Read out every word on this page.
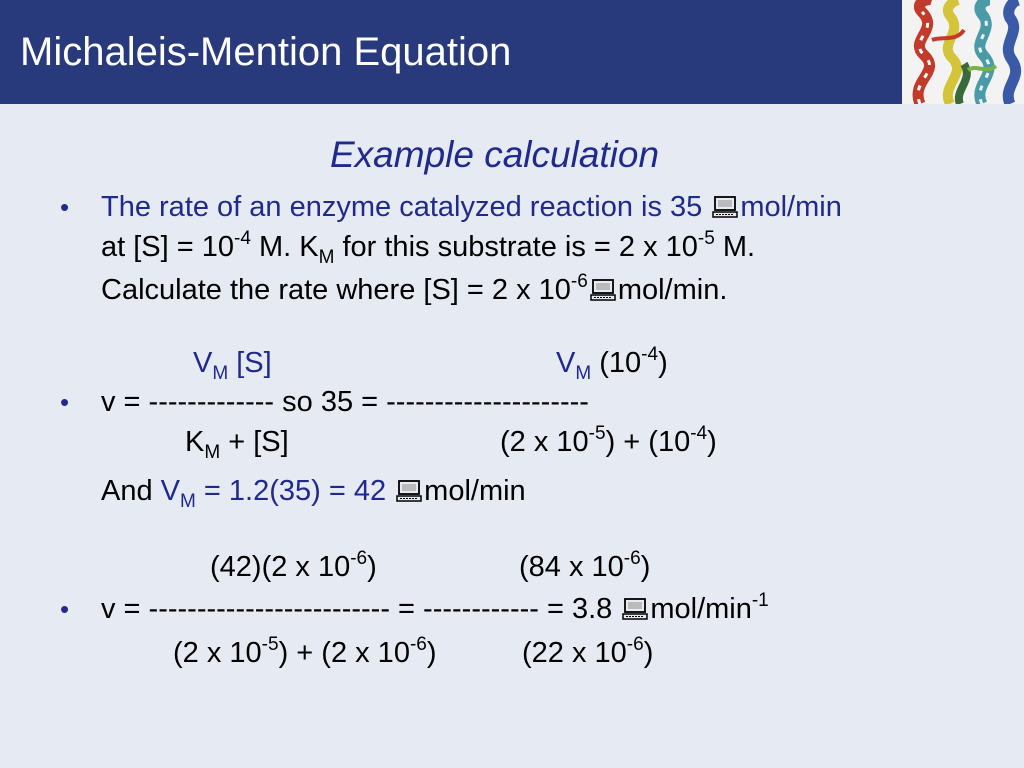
Michaleis-Mention Equation
Example calculation
• The rate of an enzyme catalyzed reaction is 35 mol/min
at $[S] = 10^{-4}$ M. $K_M$ for this substrate is = 2 x $10^{-5}$ M.
Calculate the rate where [S] = 2 x $10^{-6}$ mol/min.
$V_M$ [S]	$V_M$ $(10^{-4})$
• v = ------------- so 35 = ---------------------
$K_M + [S]$	(2 x $10^{-5}) + (10^{-4})$
And $V_M = 1.2(35) = 42$ mol/min
(42)(2 x $10^{-6}$)	(84 x $10^{-6}$)
• v = ------------------------- = ------------ = 3.8 mol/$\min^{-1}$
(2 x $10^{-5}) + (2$ x $10^{-6}$)	(22 x $10^{-6}$)
